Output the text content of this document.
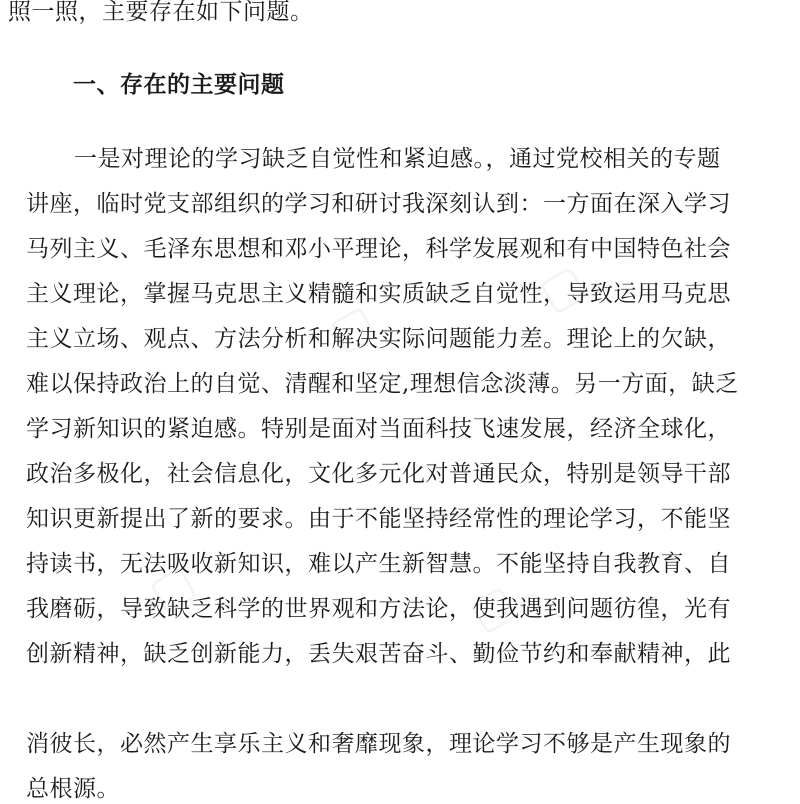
照一照，主要存在如下问题。
一、存在的主要问题
一是对理论的学习缺乏自觉性和紧迫感。，通过党校相关的专题
讲座，临时党支部组织的学习和研讨我深刻认到：一方面在深入学习
马列主义、毛泽东思想和邓小平理论，科学发展观和有中国特色社会
主义理论，掌握马克思主义精髓和实质缺乏自觉性，导致运用马克思
主义立场、观点、方法分析和解决实际问题能力差。理论上的欠缺，
难以保持政治上的自觉、清醒和坚定,理想信念淡薄。另一方面，缺乏
学习新知识的紧迫感。特别是面对当面科技飞速发展，经济全球化，
政治多极化，社会信息化，文化多元化对普通民众，特别是领导干部
知识更新提出了新的要求。由于不能坚持经常性的理论学习，不能坚
持读书，无法吸收新知识，难以产生新智慧。不能坚持自我教育、自
我磨砺，导致缺乏科学的世界观和方法论，使我遇到问题彷徨，光有
创新精神，缺乏创新能力，丢失艰苦奋斗、勤俭节约和奉献精神，此
消彼长，必然产生享乐主义和奢靡现象，理论学习不够是产生现象的
总根源。
